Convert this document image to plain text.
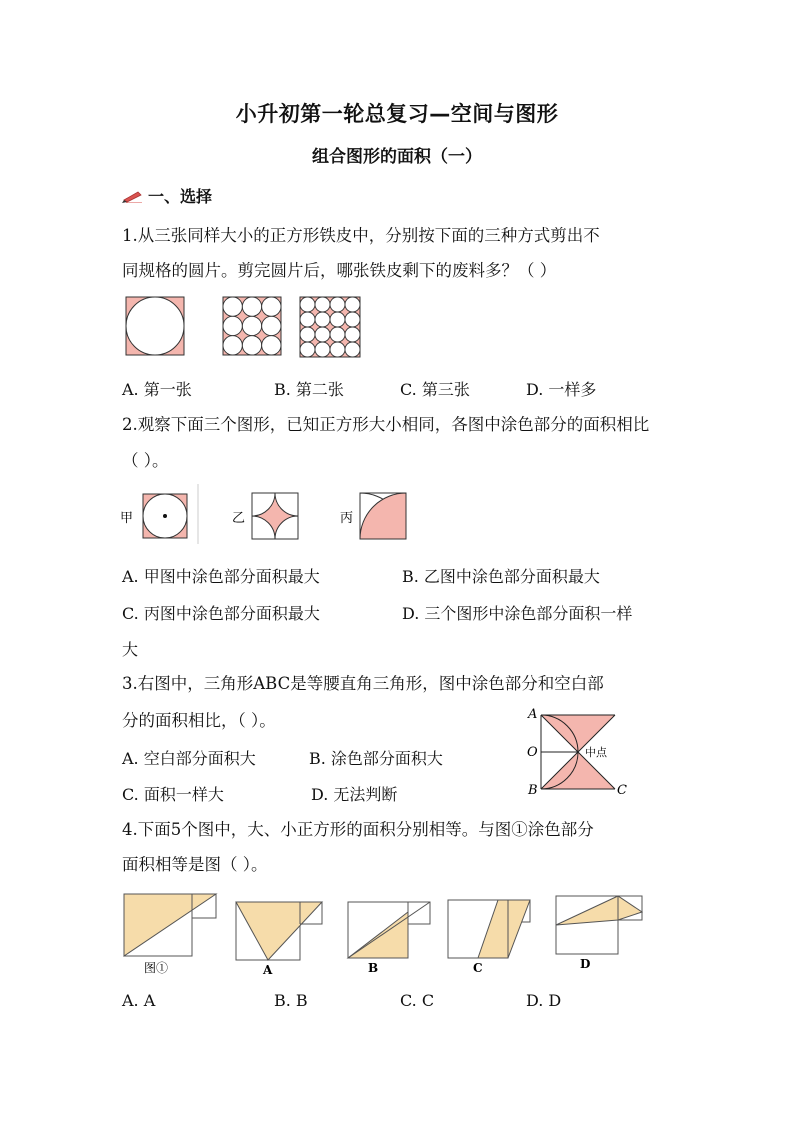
小升初第一轮总复习—空间与图形
组合图形的面积（一）
一、选择
1.从三张同样大小的正方形铁皮中，分别按下面的三种方式剪出不
同规格的圆片。剪完圆片后，哪张铁皮剩下的废料多？（ ）
A. 第一张	B. 第二张	C. 第三张	D. 一样多
2.观察下面三个图形，已知正方形大小相同，各图中涂色部分的面积相比
（ ）。
甲	乙	丙
A. 甲图中涂色部分面积最大	B. 乙图中涂色部分面积最大
C. 丙图中涂色部分面积最大	D. 三个图形中涂色部分面积一样
大
3.右图中，三角形ABC是等腰直角三角形，图中涂色部分和空白部
分的面积相比，（ ）。
A. 空白部分面积大	B. 涂色部分面积大
C. 面积一样大	D. 无法判断
A
O
B	C
中点
4.下面5个图中，大、小正方形的面积分别相等。与图①涂色部分
面积相等是图（ ）。
图①	A	B	C	D
A. A	B. B	C. C	D. D
